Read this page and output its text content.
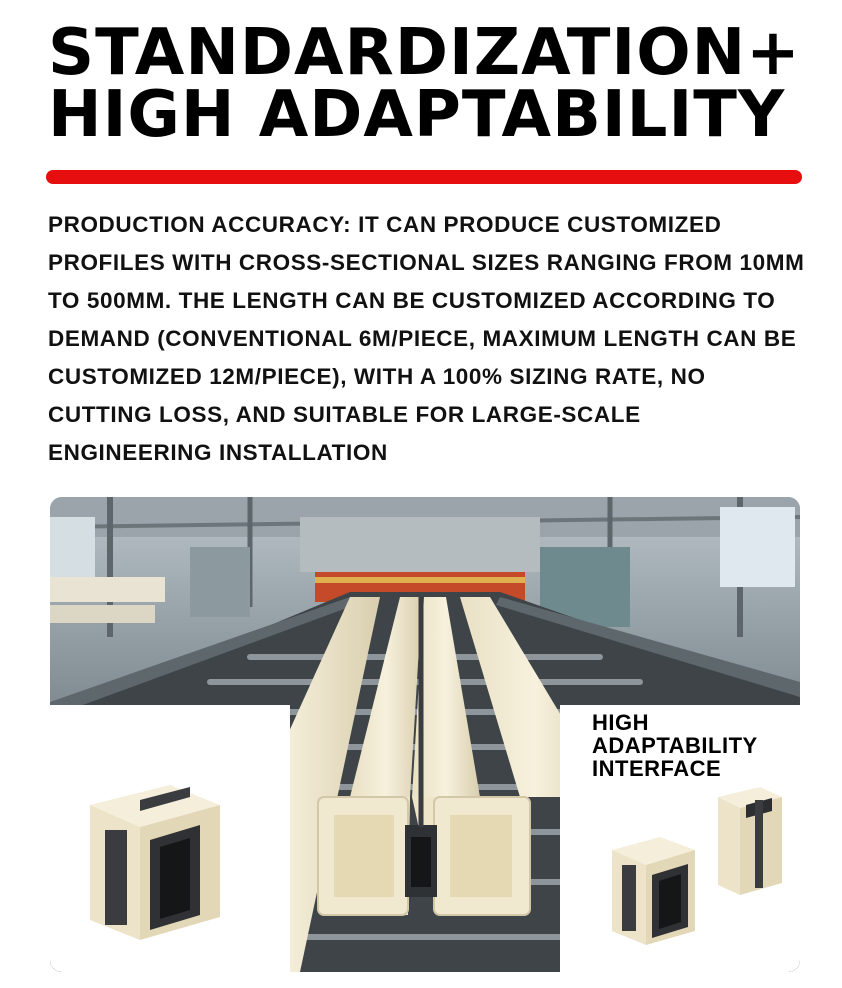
STANDARDIZATION+HIGH ADAPTABILITY

PRODUCTION ACCURACY: IT CAN PRODUCE CUSTOMIZED PROFILES WITH CROSS-SECTIONAL SIZES RANGING FROM 10MM TO 500MM. THE LENGTH CAN BE CUSTOMIZED ACCORDING TO DEMAND (CONVENTIONAL 6M/PIECE, MAXIMUM LENGTH CAN BE CUSTOMIZED 12M/PIECE), WITH A 100% SIZING RATE, NO CUTTING LOSS, AND SUITABLE FOR LARGE-SCALE ENGINEERING INSTALLATION

HIGH
ADAPTABILITY
INTERFACE
